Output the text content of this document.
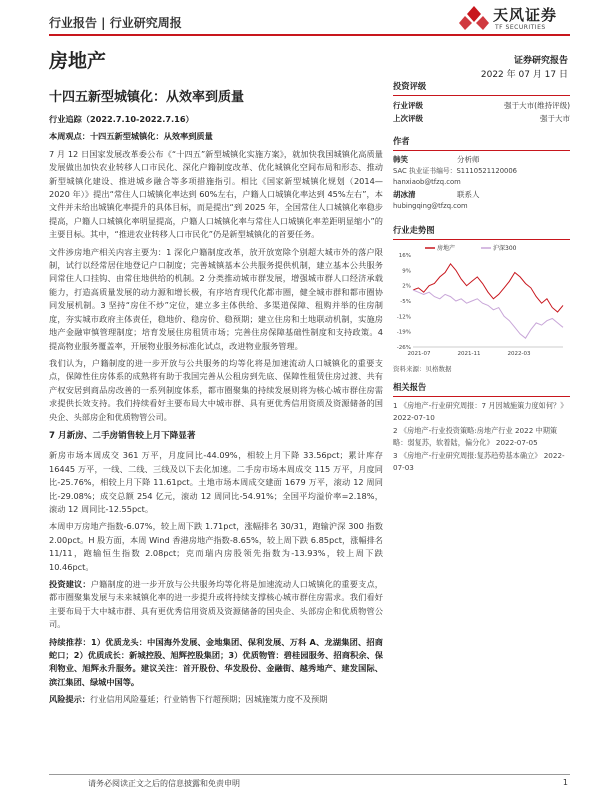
行业报告 | 行业研究周报	天风证券
TF SECURITIES
房地产	证券研究报告
2022 年 07 月 17 日
十四五新型城镇化：从效率到质量

行业追踪（2022.7.10-2022.7.16）

本周观点：十四五新型城镇化：从效率到质量

7 月 12 日国家发展改革委公布《“十四五”新型城镇化实施方案》，就加快我国城镇化高质量发展做出加快农业转移人口市民化、深化户籍制度改革、优化城镇化空间布局和形态、推动新型城镇化建设、推进城乡融合等多项措施指引。相比《国家新型城镇化规划（2014—2020 年）》提出“常住人口城镇化率达到 60%左右，户籍人口城镇化率达到 45%左右”，本文件并未给出城镇化率提升的具体目标，而是提出“到 2025 年，全国常住人口城镇化率稳步提高，户籍人口城镇化率明显提高，户籍人口城镇化率与常住人口城镇化率差距明显缩小”的主要目标。其中，“推进农业转移人口市民化”仍是新型城镇化的首要任务。

文件涉房地产相关内容主要为：1 深化户籍制度改革，放开放宽除个别超大城市外的落户限制，试行以经常居住地登记户口制度；完善城镇基本公共服务提供机制，建立基本公共服务同常住人口挂钩、由常住地供给的机制。2 分类推动城市群发展，增强城市群人口经济承载能力，打造高质量发展的动力源和增长极，有序培育现代化都市圈，健全城市群和都市圈协同发展机制。3 坚持“房住不炒”定位，建立多主体供给、多渠道保障、租购并举的住房制度，夯实城市政府主体责任，稳地价、稳房价、稳预期；建立住房和土地联动机制，实施房地产金融审慎管理制度；培育发展住房租赁市场；完善住房保障基础性制度和支持政策。4 提高物业服务覆盖率，开展物业服务标准化试点，改进物业服务管理。

我们认为，户籍制度的进一步开放与公共服务的均等化将是加速流动人口城镇化的重要支点，保障性住房体系的成熟将有助于我国完善从公租房到先底、保障性租赁住房过渡、共有产权安居到商品房改善的一系列制度体系，都市圈聚集的持续发展则将为核心城市群住房需求提供长效支持。我们持续看好主要布局大中城市群、具有更优秀信用资质及资源储备的国央企、头部房企和优质物管公司。

7 月新房、二手房销售较上月下降显著

新房市场本周成交 361 万平，月度同比-44.09%，相较上月下降 33.56pct；累计库存 16445 万平，一线、二线、三线及以下去化加速。二手房市场本周成交 115 万平，月度同比-25.76%，相较上月下降 11.61pct。土地市场本周成交建面 1679 万平，滚动 12 周同比-29.08%；成交总额 254 亿元，滚动 12 周同比-54.91%；全国平均溢价率=2.18%，滚动 12 周同比-12.55pct。

本周申万房地产指数-6.07%，较上周下跌 1.71pct，涨幅排名 30/31，跑输沪深 300 指数 2.00pct。H 股方面，本周 Wind 香港房地产指数-8.65%，较上周下跌 6.85pct，涨幅排名 11/11，跑输恒生指数 2.08pct；克而瑞内房股领先指数为-13.93%，较上周下跌 10.46pct。

投资建议：户籍制度的进一步开放与公共服务均等化将是加速流动人口城镇化的重要支点，都市圈聚集发展与未来城镇化率的进一步提升或将持续支撑核心城市群住房需求。我们看好主要布局于大中城市群、具有更优秀信用资质及资源储备的国央企、头部房企和优质物管公司。

持续推荐：1）优质龙头：中国海外发展、金地集团、保利发展、万科 A、龙湖集团、招商蛇口；2）优质成长：新城控股、旭辉控股集团；3）优质物管：碧桂园服务、招商积余、保利物业、旭辉永升服务。建议关注：首开股份、华发股份、金融街、越秀地产、建发国际、滨江集团、绿城中国等。

风险提示：行业信用风险蔓延；行业销售下行超预期；因城施策力度不及预期

投资评级
行业评级	强于大市(维持评级)
上次评级	强于大市
作者
韩笑	分析师
SAC 执业证书编号：S1110521120006
hanxiaob@tfzq.com
胡冰清	联系人
hubingqing@tfzq.com
行业走势图
16%
9%
2%
-5%
-12%
-19%
-26%
2021-07	2021-11	2022-03
房地产	沪深300
资料来源：贝格数据
相关报告
1 《房地产-行业研究周报：7 月因城施策力度如何？》 2022-07-10
2 《房地产-行业投资策略:房地产行业 2022 中期策略：弱复苏，软着陆，偏分化》 2022-07-05
3 《房地产-行业研究周报:复苏趋势基本确立》 2022-07-03
请务必阅读正文之后的信息披露和免责申明	1
